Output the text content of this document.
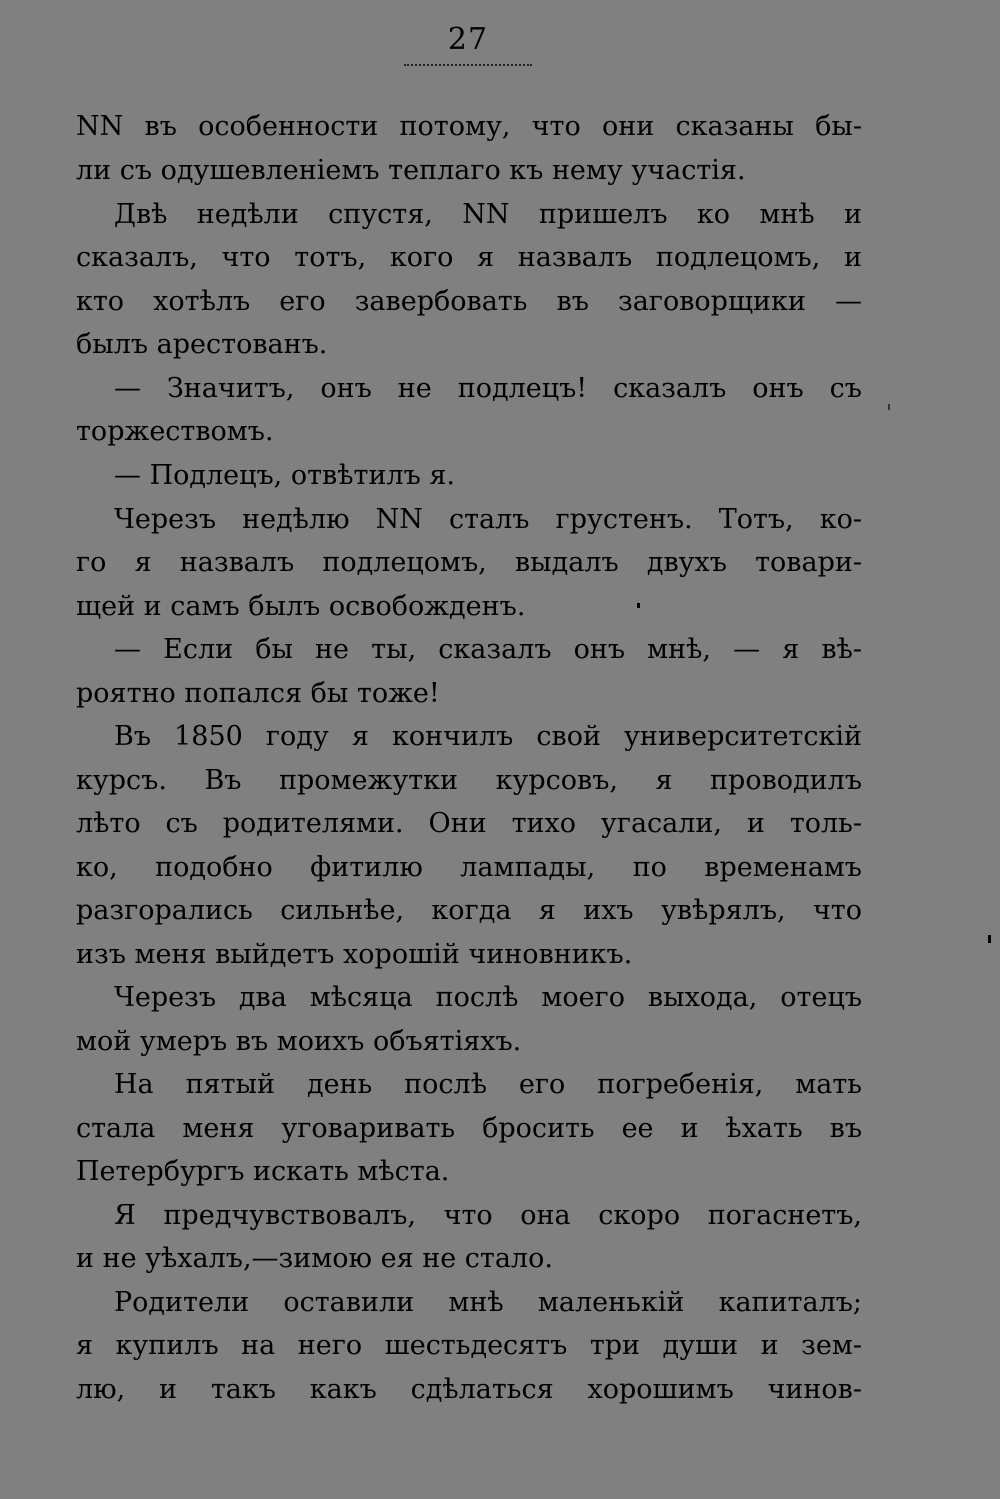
27
NN въ особенности потому, что они сказаны бы-
ли съ одушевленіемъ теплаго къ нему участія.
Двѣ недѣли спустя, NN пришелъ ко мнѣ и
сказалъ, что тотъ, кого я назвалъ подлецомъ, и
кто хотѣлъ его завербовать въ заговорщики —
былъ арестованъ.
— Значитъ, онъ не подлецъ! сказалъ онъ съ
торжествомъ.
— Подлецъ, отвѣтилъ я.
Черезъ недѣлю NN сталъ грустенъ. Тотъ, ко-
го я назвалъ подлецомъ, выдалъ двухъ товари-
щей и самъ былъ освобожденъ.
— Если бы не ты, сказалъ онъ мнѣ, — я вѣ-
роятно попался бы тоже!
Въ 1850 году я кончилъ свой университетскій
курсъ. Въ промежутки курсовъ, я проводилъ
лѣто съ родителями. Они тихо угасали, и толь-
ко, подобно фитилю лампады, по временамъ
разгорались сильнѣе, когда я ихъ увѣрялъ, что
изъ меня выйдетъ хорошій чиновникъ.
Черезъ два мѣсяца послѣ моего выхода, отецъ
мой умеръ въ моихъ объятіяхъ.
На пятый день послѣ его погребенія, мать
стала меня уговаривать бросить ее и ѣхать въ
Петербургъ искать мѣста.
Я предчувствовалъ, что она скоро погаснетъ,
и не уѣхалъ,—зимою ея не стало.
Родители оставили мнѣ маленькій капиталъ;
я купилъ на него шестьдесятъ три души и зем-
лю, и такъ какъ сдѣлаться хорошимъ чинов-
